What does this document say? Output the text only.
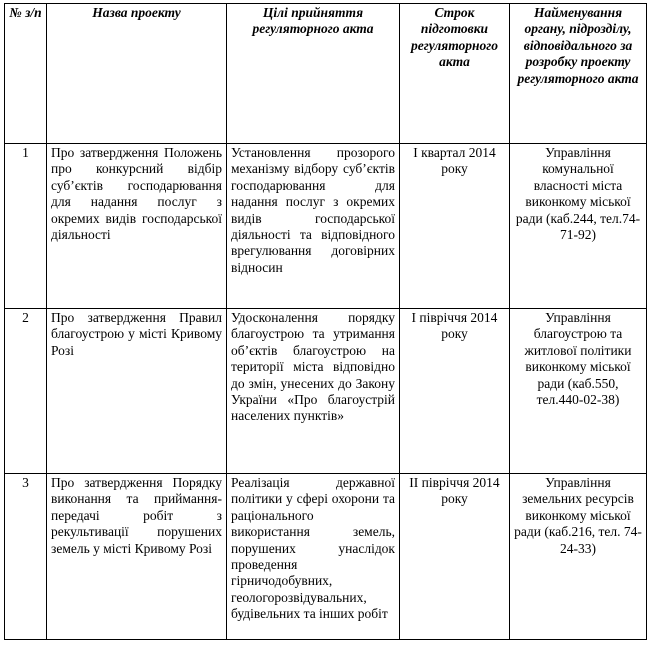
№ з/п	Назва проекту	Цілі прийняття регуляторного акта	Строк підготовки регуляторного акта	Найменування органу, підрозділу, відповідального за розробку проекту регуляторного акта
1	Про затвердження Положень про конкурсний відбір суб’єктів господарювання для надання послуг з окремих видів господарської діяльності	Установлення прозорого механізму відбору суб’єктів господарювання для надання послуг з окремих видів господарської діяльності та відповідного врегулювання договірних відносин	І квартал 2014 року	Управління комунальної власності міста виконкому міської ради (каб.244, тел.74-71-92)
2	Про затвердження Правил благоустрою у місті Кривому Розі	Удосконалення порядку благоустрою та утримання об’єктів благоустрою на території міста відповідно до змін, унесених до Закону України «Про благоустрій населених пунктів»	І півріччя 2014 року	Управління благоустрою та житлової політики виконкому міської ради (каб.550, тел.440-02-38)
3	Про затвердження Порядку виконання та приймання-передачі робіт з рекультивації порушених земель у місті Кривому Розі	Реалізація державної політики у сфері охорони та раціонального використання земель, порушених унаслідок проведення гірничодобувних, геологорозвідувальних, будівельних та інших робіт	ІІ півріччя 2014 року	Управління земельних ресурсів виконкому міської ради (каб.216, тел. 74-24-33)
